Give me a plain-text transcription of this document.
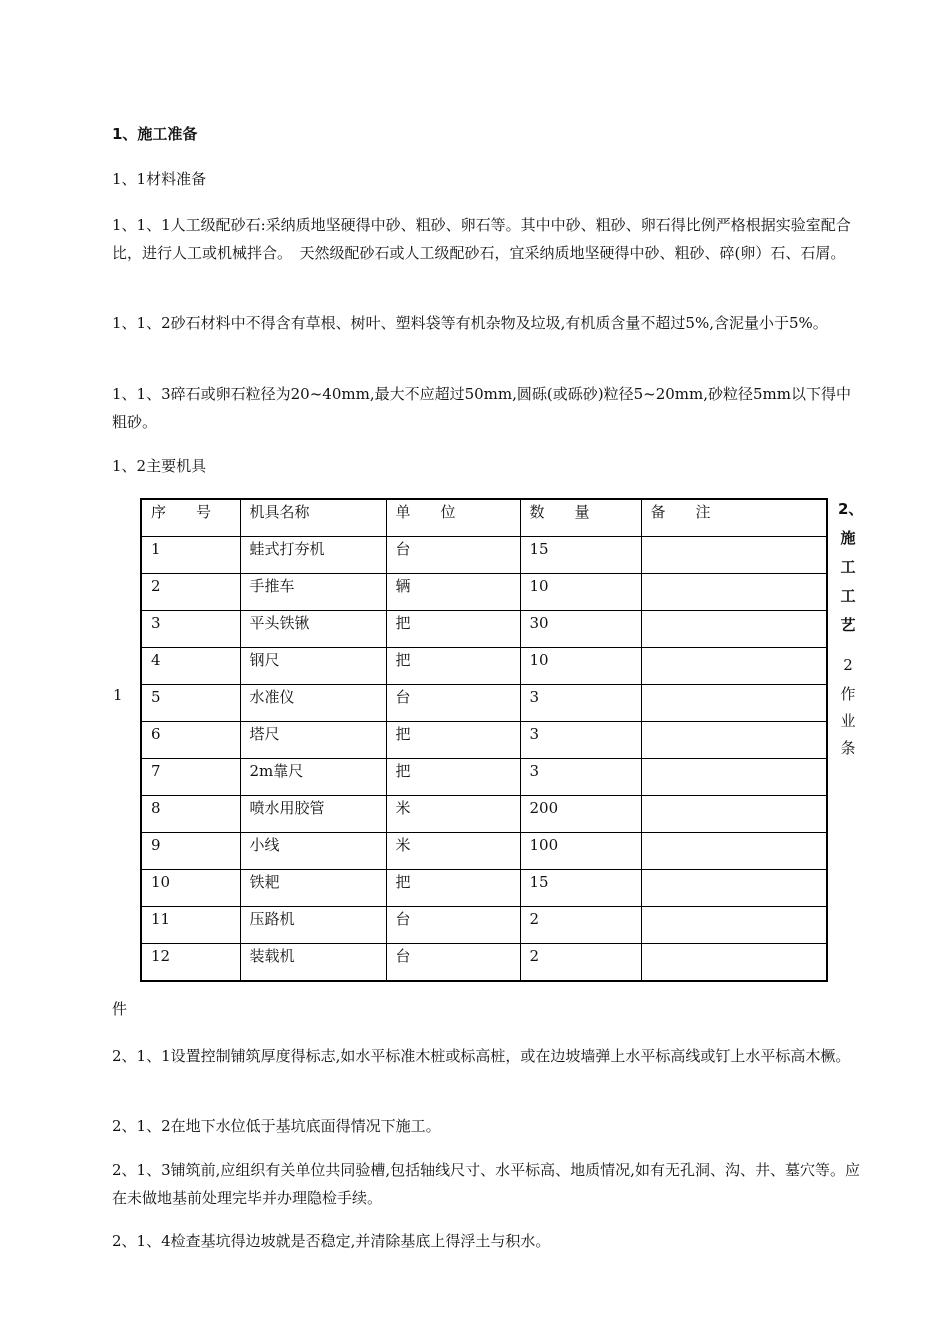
1、施工准备
1、1材料准备
1、1、1人工级配砂石:采纳质地坚硬得中砂、粗砂、卵石等。其中中砂、粗砂、卵石得比例严格根据实验室配合比，进行人工或机械拌合。　天然级配砂石或人工级配砂石，宜采纳质地坚硬得中砂、粗砂、碎(卵）石、石屑。
1、1、2砂石材料中不得含有草根、树叶、塑料袋等有机杂物及垃圾,有机质含量不超过5%,含泥量小于5%。
1、1、3碎石或卵石粒径为20~40mm,最大不应超过50mm,圆砾(或砾砂)粒径5~20mm,砂粒径5mm以下得中粗砂。
1、2主要机具
1
序　　号	机具名称	单　　位	数　　量	备　　注
1	蛙式打夯机	台	15	
2	手推车	辆	10	
3	平头铁锹	把	30	
4	钢尺	把	10	
5	水准仪	台	3	
6	塔尺	把	3	
7	2m靠尺	把	3	
8	喷水用胶管	米	200	
9	小线	米	100	
10	铁耙	把	15	
11	压路机	台	2	
12	装载机	台	2	
2、
施
工
工
艺
2
作
业
条
件
2、1、1设置控制铺筑厚度得标志,如水平标准木桩或标高桩，或在边坡墙弹上水平标高线或钉上水平标高木橛。
2、1、2在地下水位低于基坑底面得情况下施工。
2、1、3铺筑前,应组织有关单位共同验槽,包括轴线尺寸、水平标高、地质情况,如有无孔洞、沟、井、墓穴等。应在未做地基前处理完毕并办理隐检手续。
2、1、4检查基坑得边坡就是否稳定,并清除基底上得浮土与积水。
